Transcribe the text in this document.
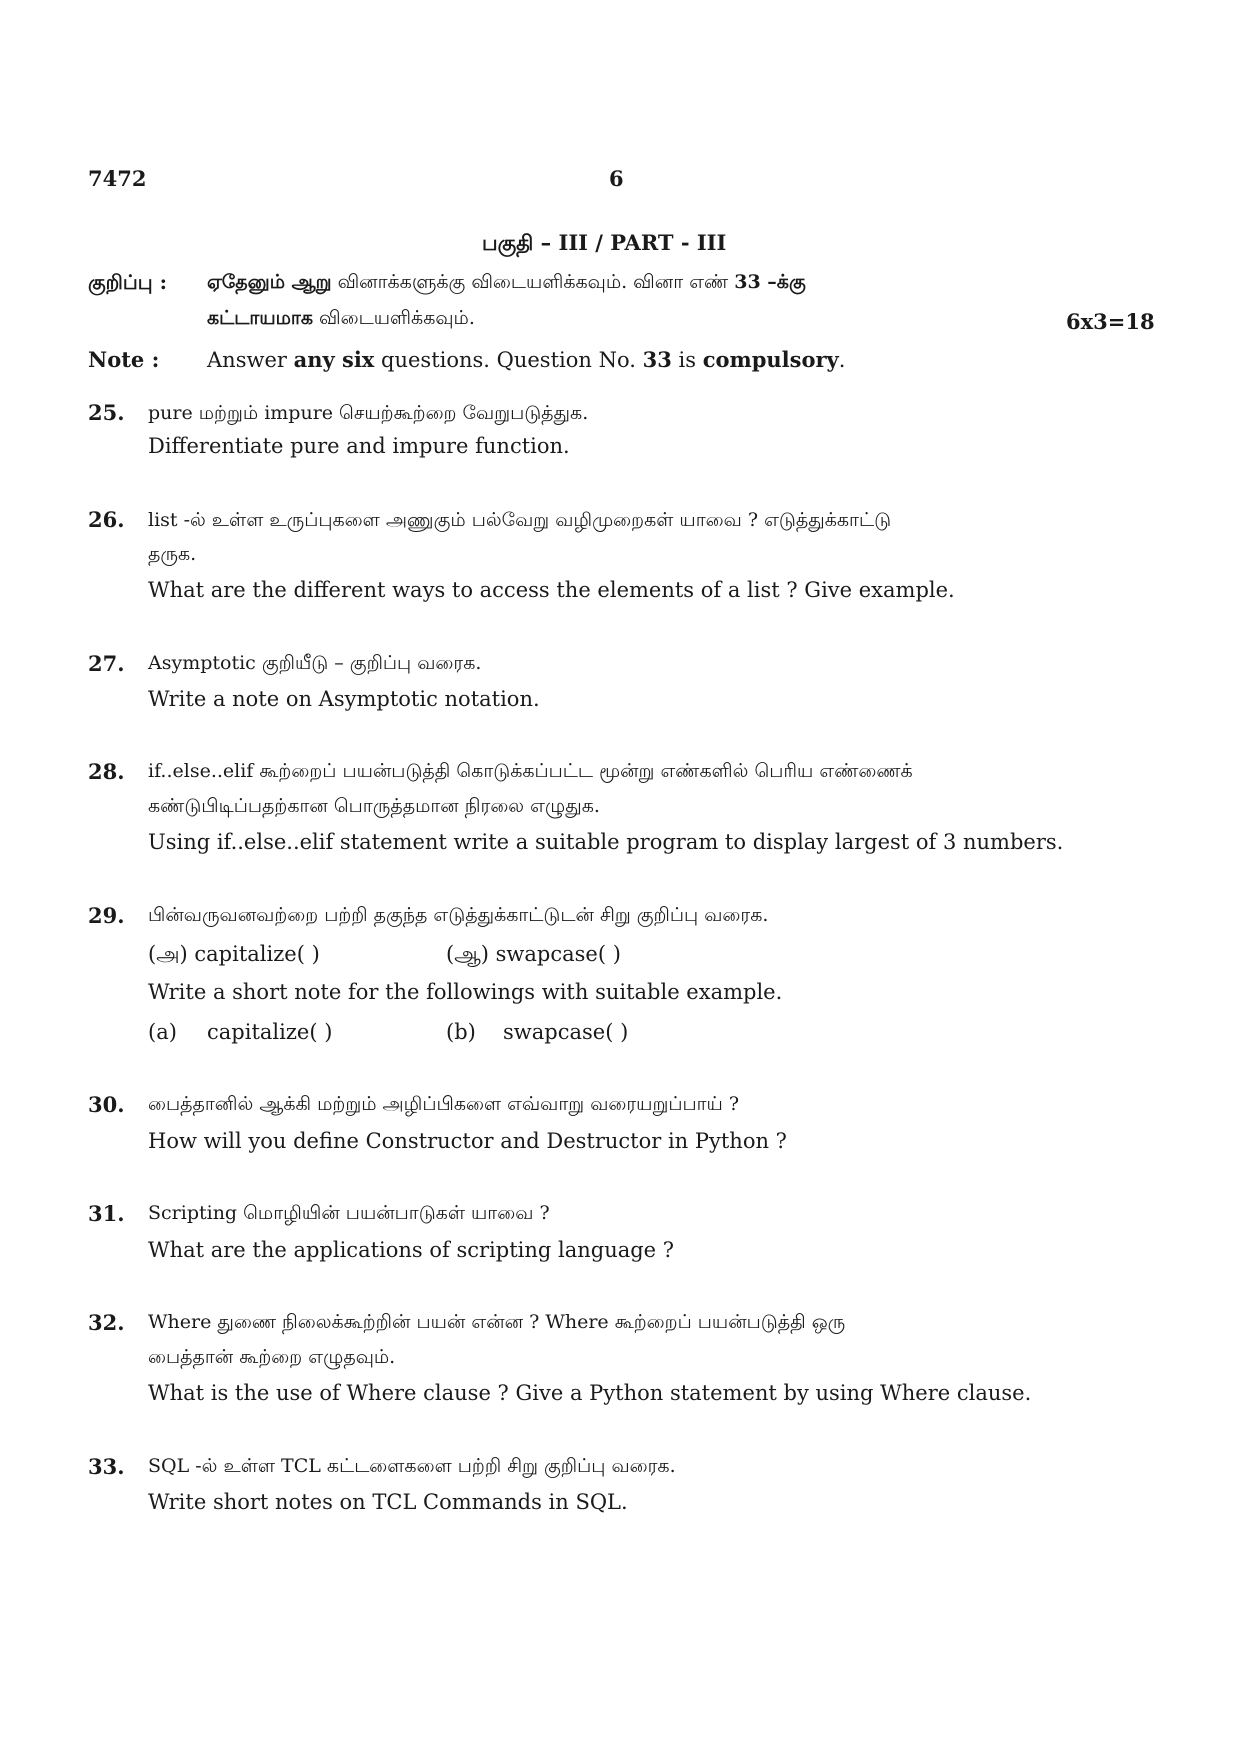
7472	6
பகுதி – III / PART - III
குறிப்பு : ஏதேனும் ஆறு வினாக்களுக்கு விடையளிக்கவும். வினா எண் 33 –க்கு
கட்டாயமாக விடையளிக்கவும்.	6x3=18
Note : Answer any six questions. Question No. 33 is compulsory.
25. pure மற்றும் impure செயற்கூற்றை வேறுபடுத்துக.
Differentiate pure and impure function.
26. list -ல் உள்ள உருப்புகளை அணுகும் பல்வேறு வழிமுறைகள் யாவை ? எடுத்துக்காட்டு
தருக.
What are the different ways to access the elements of a list ? Give example.
27. Asymptotic குறியீடு – குறிப்பு வரைக.
Write a note on Asymptotic notation.
28. if..else..elif கூற்றைப் பயன்படுத்தி கொடுக்கப்பட்ட மூன்று எண்களில் பெரிய எண்ணைக்
கண்டுபிடிப்பதற்கான பொருத்தமான நிரலை எழுதுக.
Using if..else..elif statement write a suitable program to display largest of 3 numbers.
29. பின்வருவனவற்றை பற்றி தகுந்த எடுத்துக்காட்டுடன் சிறு குறிப்பு வரைக.
(அ) capitalize( )	(ஆ) swapcase( )
Write a short note for the followings with suitable example.
(a) capitalize( )	(b) swapcase( )
30. பைத்தானில் ஆக்கி மற்றும் அழிப்பிகளை எவ்வாறு வரையறுப்பாய் ?
How will you define Constructor and Destructor in Python ?
31. Scripting மொழியின் பயன்பாடுகள் யாவை ?
What are the applications of scripting language ?
32. Where துணை நிலைக்கூற்றின் பயன் என்ன ? Where கூற்றைப் பயன்படுத்தி ஒரு
பைத்தான் கூற்றை எழுதவும்.
What is the use of Where clause ? Give a Python statement by using Where clause.
33. SQL -ல் உள்ள TCL கட்டளைகளை பற்றி சிறு குறிப்பு வரைக.
Write short notes on TCL Commands in SQL.
